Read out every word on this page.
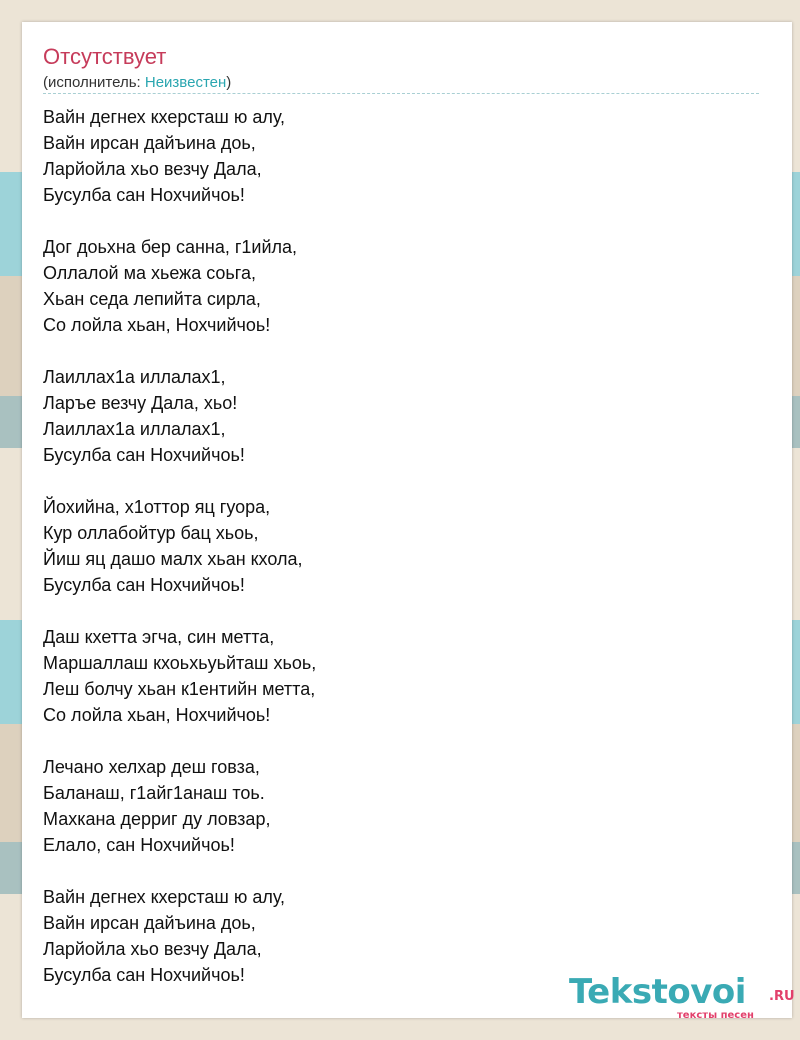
Отсутствует
(исполнитель: Неизвестен)
Вайн дегнех кхерсташ ю алу,
Вайн ирсан дайъина доь,
Ларйойла хьо везчу Дала,
Бусулба сан Нохчийчоь!
Дог доьхна бер санна, г1ийла,
Оллалой ма хьежа соьга,
Хьан седа лепийта сирла,
Со лойла хьан, Нохчийчоь!
Лаиллах1а иллалах1,
Ларъе везчу Дала, хьо!
Лаиллах1а иллалах1,
Бусулба сан Нохчийчоь!
Йохийна, х1оттор яц гуора,
Кур оллабойтур бац хьоь,
Йиш яц дашо малх хьан кхола,
Бусулба сан Нохчийчоь!
Даш кхетта эгча, син метта,
Маршаллаш кхоьхьуьйташ хьоь,
Леш болчу хьан к1ентийн метта,
Со лойла хьан, Нохчийчоь!
Лечано хелхар деш говза,
Баланаш, г1айг1анаш тоь.
Махкана дерриг ду ловзар,
Елало, сан Нохчийчоь!
Вайн дегнех кхерсташ ю алу,
Вайн ирсан дайъина доь,
Ларйойла хьо везчу Дала,
Бусулба сан Нохчийчоь!	Tekstovoi .RU
тексты песен
